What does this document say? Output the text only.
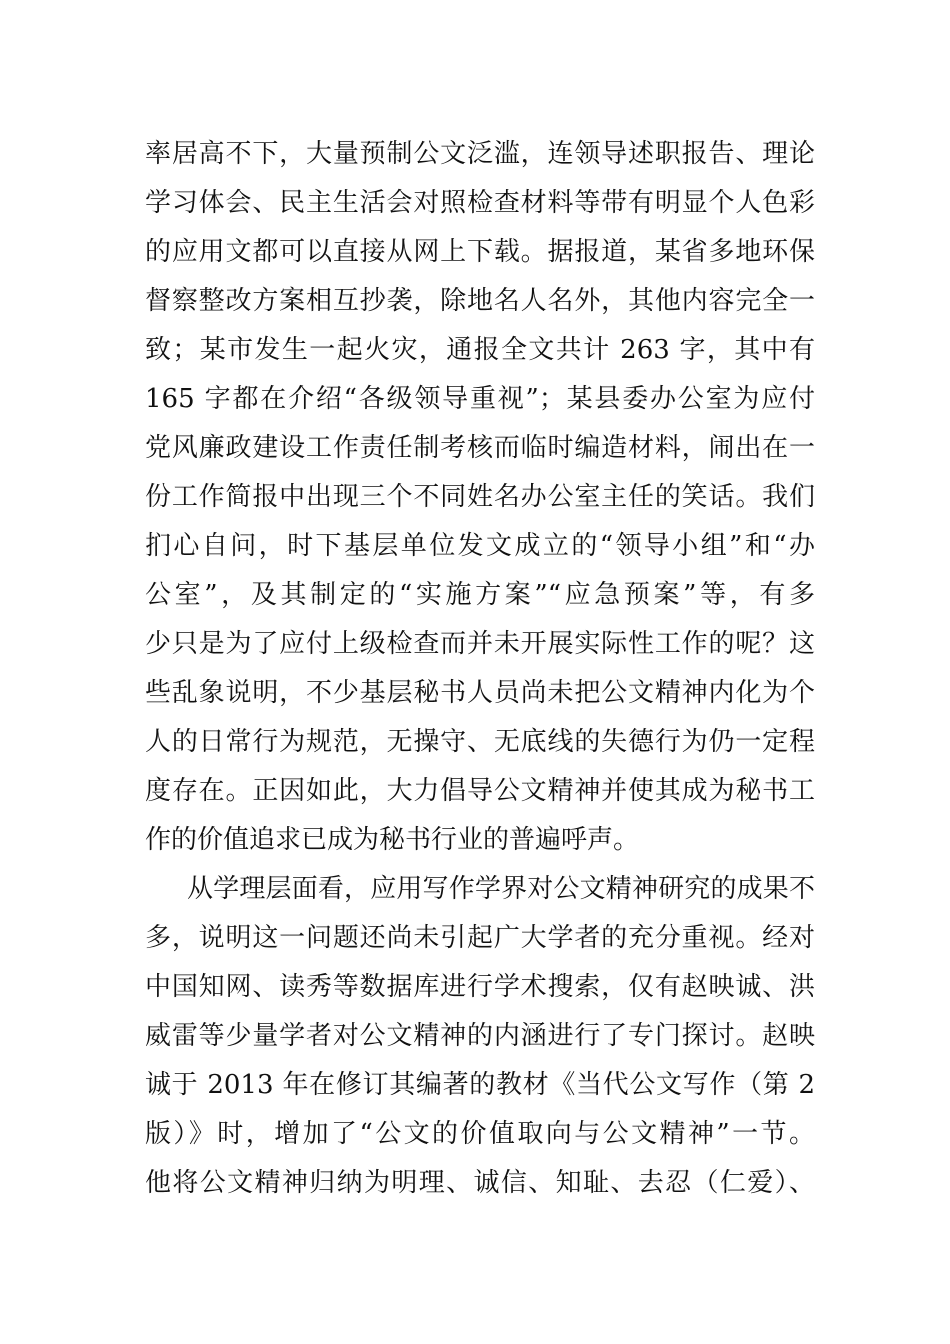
率居高不下，大量预制公文泛滥，连领导述职报告、理论
学习体会、民主生活会对照检查材料等带有明显个人色彩
的应用文都可以直接从网上下载。据报道，某省多地环保
督察整改方案相互抄袭，除地名人名外，其他内容完全一
致；某市发生一起火灾，通报全文共计 263 字，其中有
165 字都在介绍“各级领导重视”；某县委办公室为应付
党风廉政建设工作责任制考核而临时编造材料，闹出在一
份工作简报中出现三个不同姓名办公室主任的笑话。我们
扪心自问，时下基层单位发文成立的“领导小组”和“办
公室”，及其制定的“实施方案”“应急预案”等，有多
少只是为了应付上级检查而并未开展实际性工作的呢？这
些乱象说明，不少基层秘书人员尚未把公文精神内化为个
人的日常行为规范，无操守、无底线的失德行为仍一定程
度存在。正因如此，大力倡导公文精神并使其成为秘书工
作的价值追求已成为秘书行业的普遍呼声。
从学理层面看，应用写作学界对公文精神研究的成果不
多，说明这一问题还尚未引起广大学者的充分重视。经对
中国知网、读秀等数据库进行学术搜索，仅有赵映诚、洪
威雷等少量学者对公文精神的内涵进行了专门探讨。赵映
诚于 2013 年在修订其编著的教材《当代公文写作（第 2
版）》时，增加了“公文的价值取向与公文精神”一节。
他将公文精神归纳为明理、诚信、知耻、去忍（仁爱）、
